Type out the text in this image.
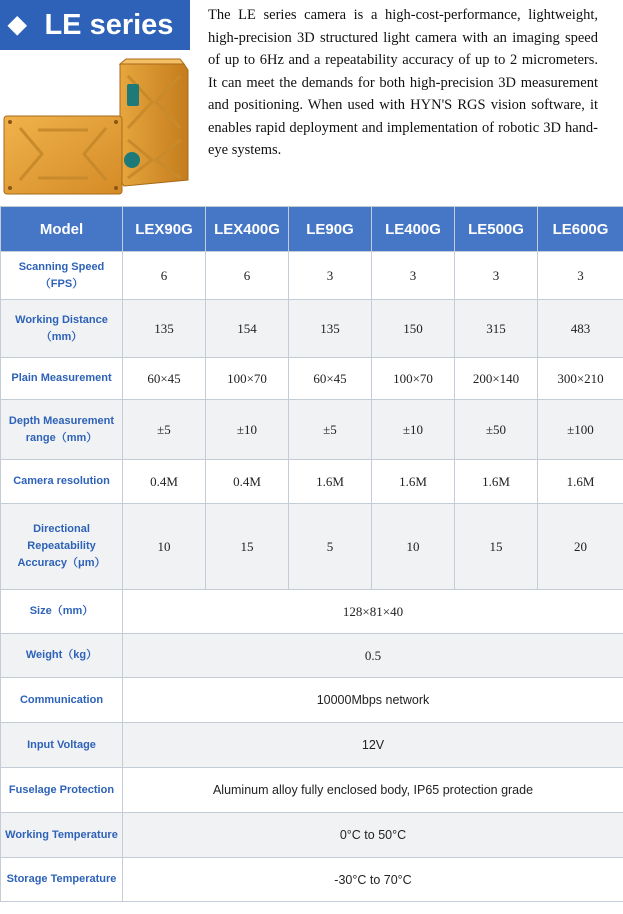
◆ LE series The LE series camera is a high-cost-performance, lightweight, high-precision 3D structured light camera with an imaging speed of up to 6Hz and a repeatability accuracy of up to 2 micrometers. It can meet the demands for both high-precision 3D measurement and positioning. When used with HYN'S RGS vision software, it enables rapid deployment and implementation of robotic 3D hand-eye systems.
Model	LEX90G	LEX400G	LE90G	LE400G	LE500G	LE600G
Scanning Speed （FPS）	6	6	3	3	3	3
Working Distance （mm）	135	154	135	150	315	483
Plain Measurement	60×45	100×70	60×45	100×70	200×140	300×210
Depth Measurement range（mm）	±5	±10	±5	±10	±50	±100
Camera resolution	0.4M	0.4M	1.6M	1.6M	1.6M	1.6M
Directional Repeatability Accuracy（μm）	10	15	5	10	15	20
Size（mm）	128×81×40					
Weight（kg）	0.5					
Communication	10000Mbps network					
Input Voltage	12V					
Fuselage Protection	Aluminum alloy fully enclosed body, IP65 protection grade					
Working Temperature	0°C to 50°C					
Storage Temperature	-30°C to 70°C					
